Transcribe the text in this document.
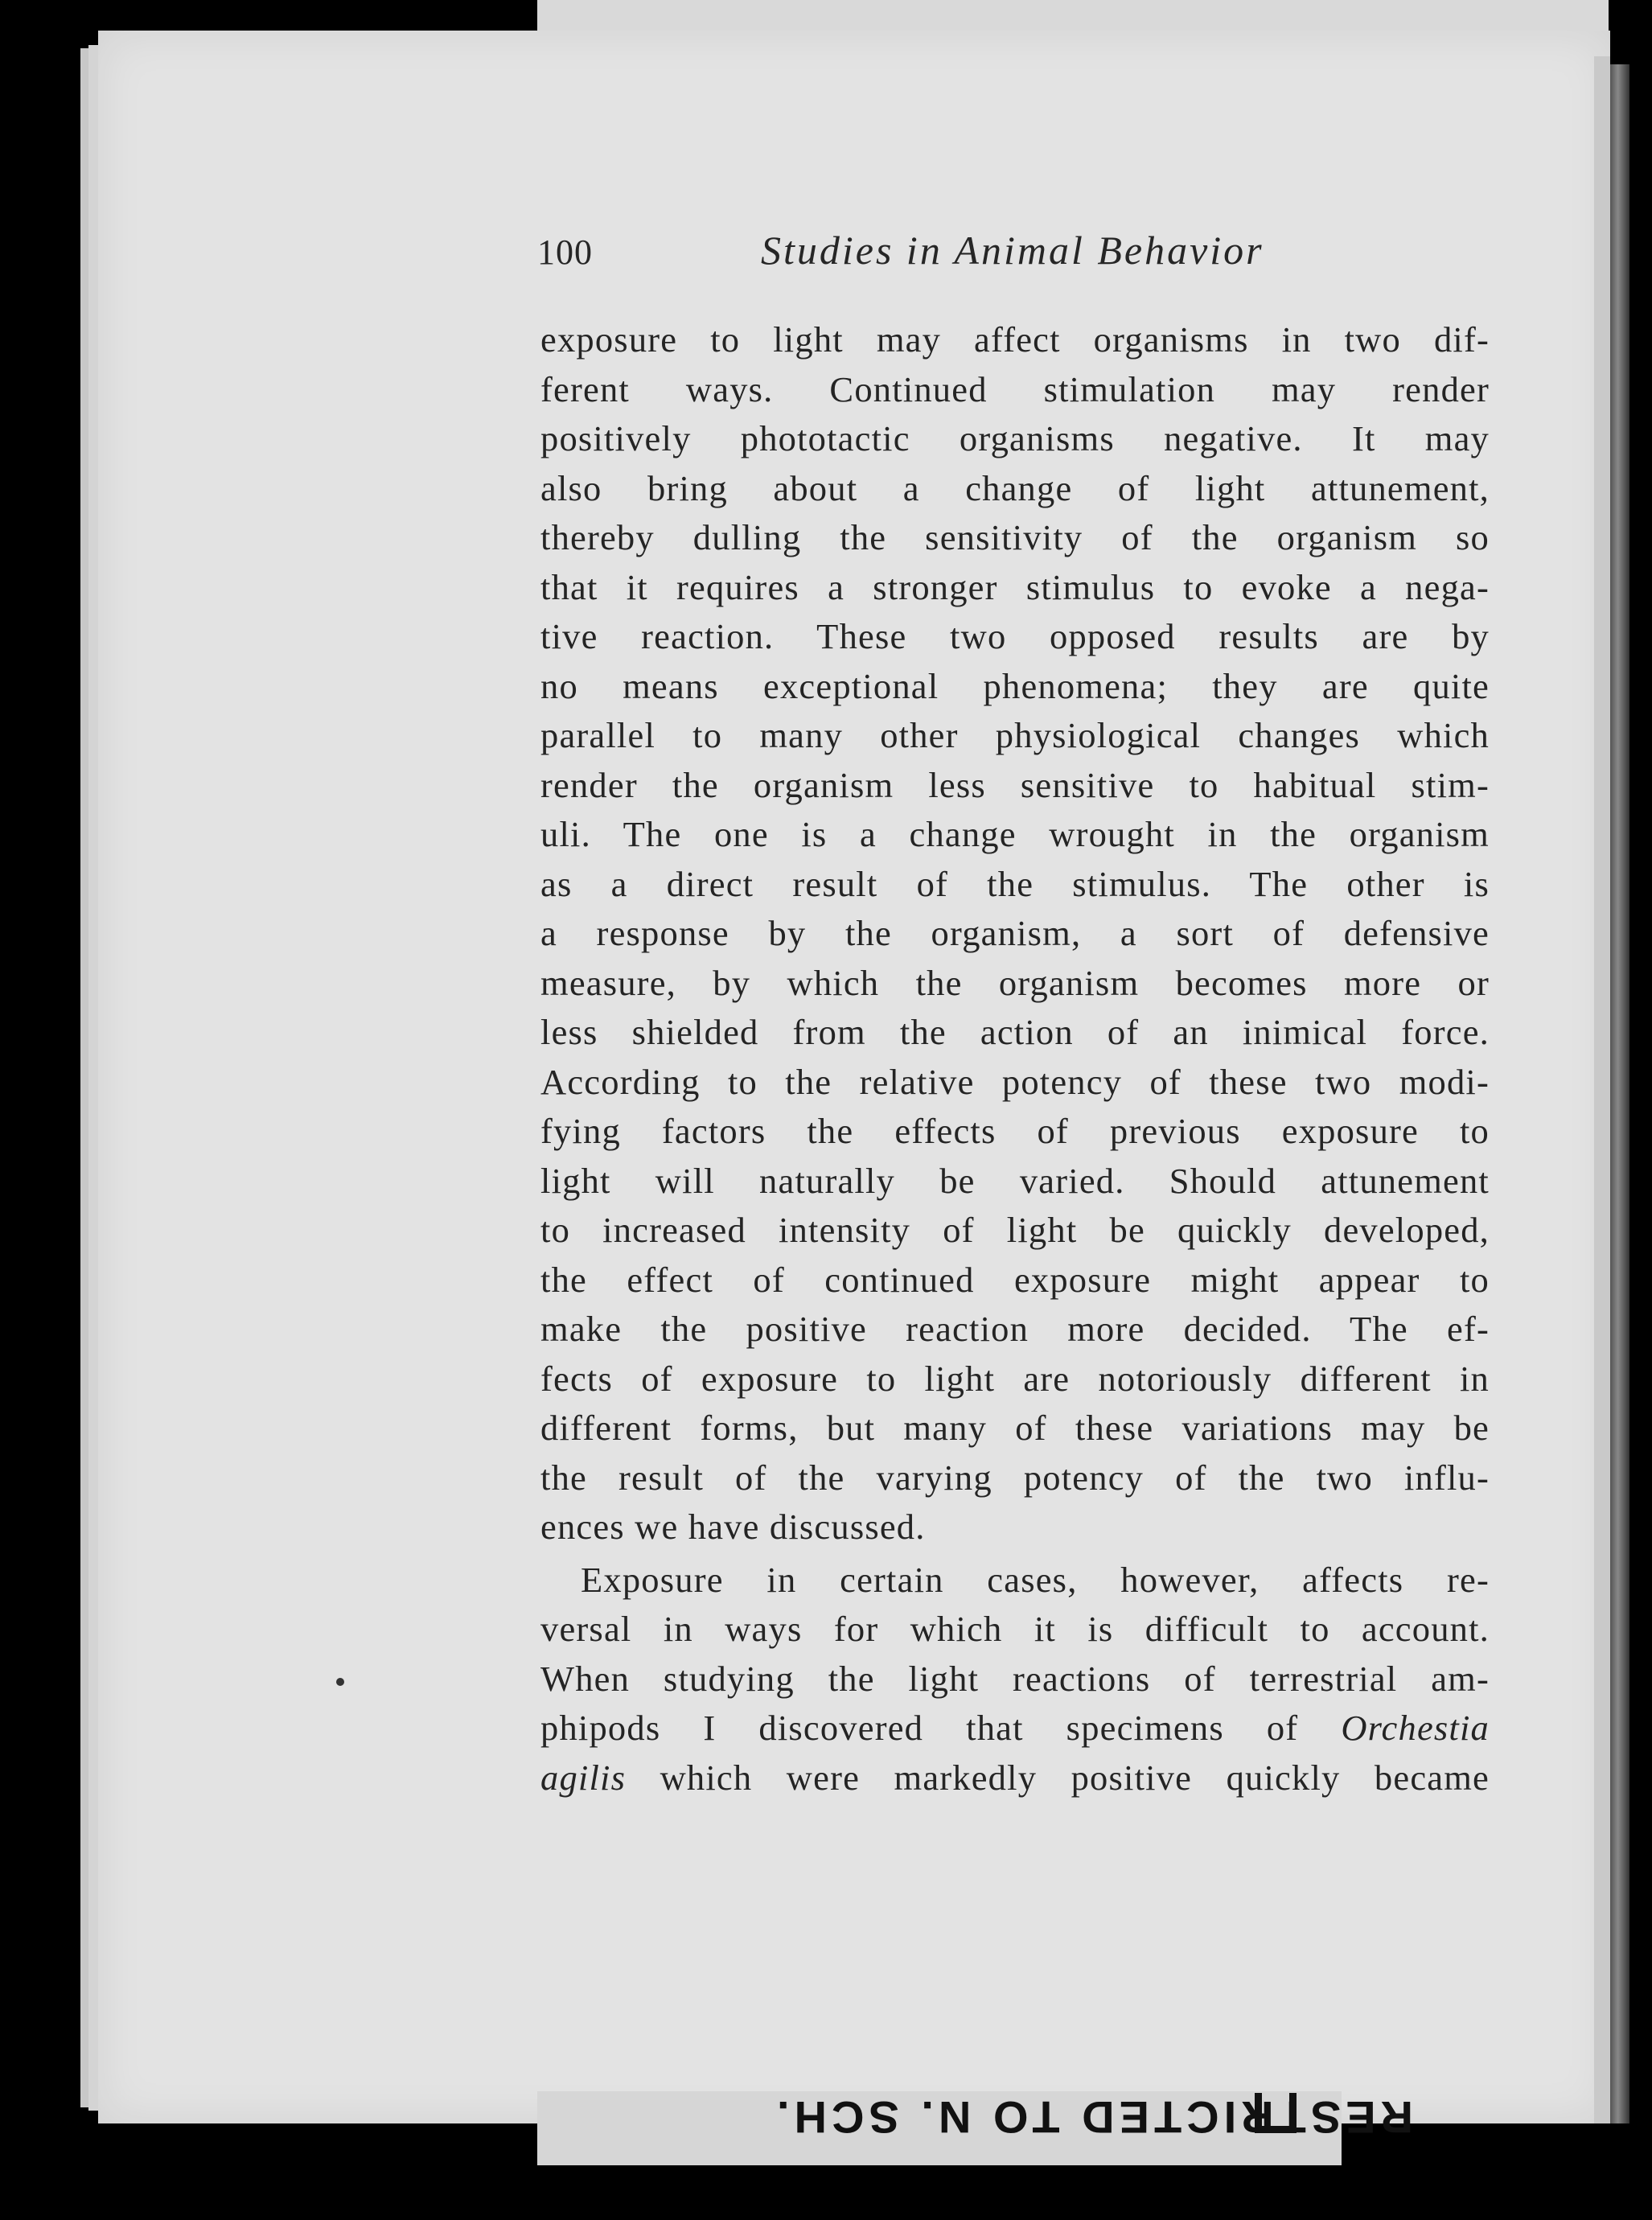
100	Studies in Animal Behavior
exposure to light may affect organisms in two dif-
ferent ways. Continued stimulation may render
positively phototactic organisms negative. It may
also bring about a change of light attunement,
thereby dulling the sensitivity of the organism so
that it requires a stronger stimulus to evoke a nega-
tive reaction. These two opposed results are by
no means exceptional phenomena; they are quite
parallel to many other physiological changes which
render the organism less sensitive to habitual stim-
uli. The one is a change wrought in the organism
as a direct result of the stimulus. The other is
a response by the organism, a sort of defensive
measure, by which the organism becomes more or
less shielded from the action of an inimical force.
According to the relative potency of these two modi-
fying factors the effects of previous exposure to
light will naturally be varied. Should attunement
to increased intensity of light be quickly developed,
the effect of continued exposure might appear to
make the positive reaction more decided. The ef-
fects of exposure to light are notoriously different in
different forms, but many of these variations may be
the result of the varying potency of the two influ-
ences we have discussed.
Exposure in certain cases, however, affects re-
versal in ways for which it is difficult to account.
When studying the light reactions of terrestrial am-
phipods I discovered that specimens of Orchestia
agilis which were markedly positive quickly became
RESTRICTED TO N. SCH.
